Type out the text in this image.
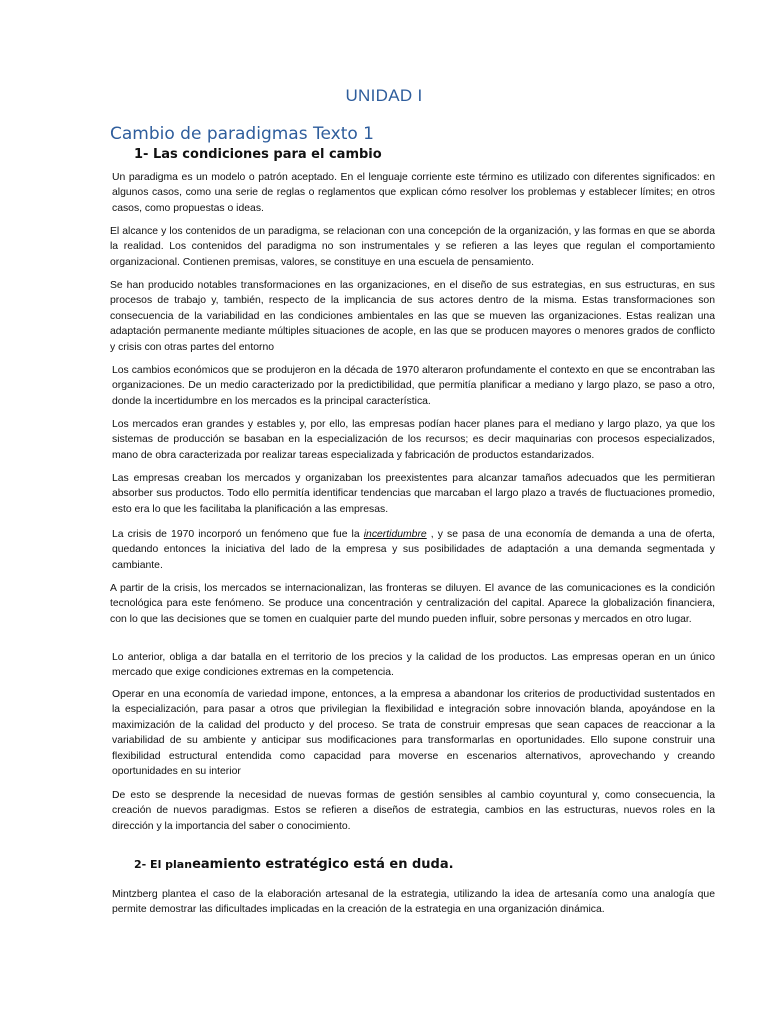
UNIDAD I
Cambio de paradigmas Texto 1
1- Las condiciones para el cambio

Un paradigma es un modelo o patrón aceptado. En el lenguaje corriente este término es utilizado con diferentes significados: en algunos casos, como una serie de reglas o reglamentos que explican cómo resolver los problemas y establecer límites; en otros casos, como propuestas o ideas.

El alcance y los contenidos de un paradigma, se relacionan con una concepción de la organización, y las formas en que se aborda la realidad. Los contenidos del paradigma no son instrumentales y se refieren a las leyes que regulan el comportamiento organizacional. Contienen premisas, valores, se constituye en una escuela de pensamiento.

Se han producido notables transformaciones en las organizaciones, en el diseño de sus estrategias, en sus estructuras, en sus procesos de trabajo y, también, respecto de la implicancia de sus actores dentro de la misma. Estas transformaciones son consecuencia de la variabilidad en las condiciones ambientales en las que se mueven las organizaciones. Estas realizan una adaptación permanente mediante múltiples situaciones de acople, en las que se producen mayores o menores grados de conflicto y crisis con otras partes del entorno

Los cambios económicos que se produjeron en la década de 1970 alteraron profundamente el contexto en que se encontraban las organizaciones. De un medio caracterizado por la predictibilidad, que permitía planificar a mediano y largo plazo, se paso a otro, donde la incertidumbre en los mercados es la principal característica.

Los mercados eran grandes y estables y, por ello, las empresas podían hacer planes para el mediano y largo plazo, ya que los sistemas de producción se basaban en la especialización de los recursos; es decir maquinarias con procesos especializados, mano de obra caracterizada por realizar tareas especializada y fabricación de productos estandarizados.

Las empresas creaban los mercados y organizaban los preexistentes para alcanzar tamaños adecuados que les permitieran absorber sus productos. Todo ello permitía identificar tendencias que marcaban el largo plazo a través de fluctuaciones promedio, esto era lo que les facilitaba la planificación a las empresas.

La crisis de 1970 incorporó un fenómeno que fue la incertidumbre , y se pasa de una economía de demanda a una de oferta, quedando entonces la iniciativa del lado de la empresa y sus posibilidades de adaptación a una demanda segmentada y cambiante.

A partir de la crisis, los mercados se internacionalizan, las fronteras se diluyen. El avance de las comunicaciones es la condición tecnológica para este fenómeno. Se produce una concentración y centralización del capital. Aparece la globalización financiera, con lo que las decisiones que se tomen en cualquier parte del mundo pueden influir, sobre personas y mercados en otro lugar.

Lo anterior, obliga a dar batalla en el territorio de los precios y la calidad de los productos. Las empresas operan en un único mercado que exige condiciones extremas en la competencia.

Operar en una economía de variedad impone, entonces, a la empresa a abandonar los criterios de productividad sustentados en la especialización, para pasar a otros que privilegian la flexibilidad e integración sobre innovación blanda, apoyándose en la maximización de la calidad del producto y del proceso. Se trata de construir empresas que sean capaces de reaccionar a la variabilidad de su ambiente y anticipar sus modificaciones para transformarlas en oportunidades. Ello supone construir una flexibilidad estructural entendida como capacidad para moverse en escenarios alternativos, aprovechando y creando oportunidades en su interior

De esto se desprende la necesidad de nuevas formas de gestión sensibles al cambio coyuntural y, como consecuencia, la creación de nuevos paradigmas. Estos se refieren a diseños de estrategia, cambios en las estructuras, nuevos roles en la dirección y la importancia del saber o conocimiento.

2- El planeamiento estratégico está en duda.

Mintzberg plantea el caso de la elaboración artesanal de la estrategia, utilizando la idea de artesanía como una analogía que permite demostrar las dificultades implicadas en la creación de la estrategia en una organización dinámica.
